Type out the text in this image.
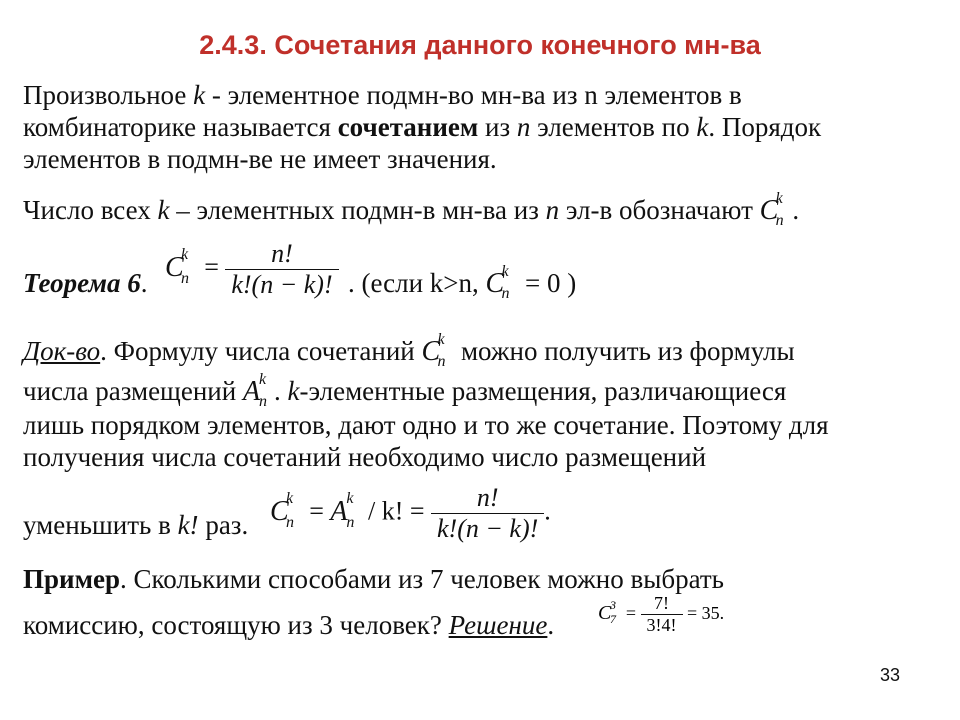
2.4.3. Сочетания данного конечного мн-ва
Произвольное k - элементное подмн-во мн-ва из n элементов в
комбинаторике называется сочетанием из n элементов по k. Порядок
элементов в подмн-ве не имеет значения.
Число всех k – элементных подмн-в мн-ва из n эл-в обозначают C
k
n .
Теорема 6.
C
k
$n = \frac{n!}{k!(n - k)!}$ . (если k>n, C
k
n = 0 )
Док-во. Формулу числа сочетаний C
k
n можно получить из формулы
числа размещений A
k
n . k-элементные размещения, различающиеся
лишь порядком элементов, дают одно и то же сочетание. Поэтому для
получения числа сочетаний необходимо число размещений
уменьшить в k! раз. C
k
n = A
k
n / k! = $\frac{n!}{k!(n - k)!}$ .
Пример. Сколькими способами из 7 человек можно выбрать
комиссию, состоящую из 3 человек? Решение. C
3
$7 = \frac{7!}{3!4!} = 35$.
33
